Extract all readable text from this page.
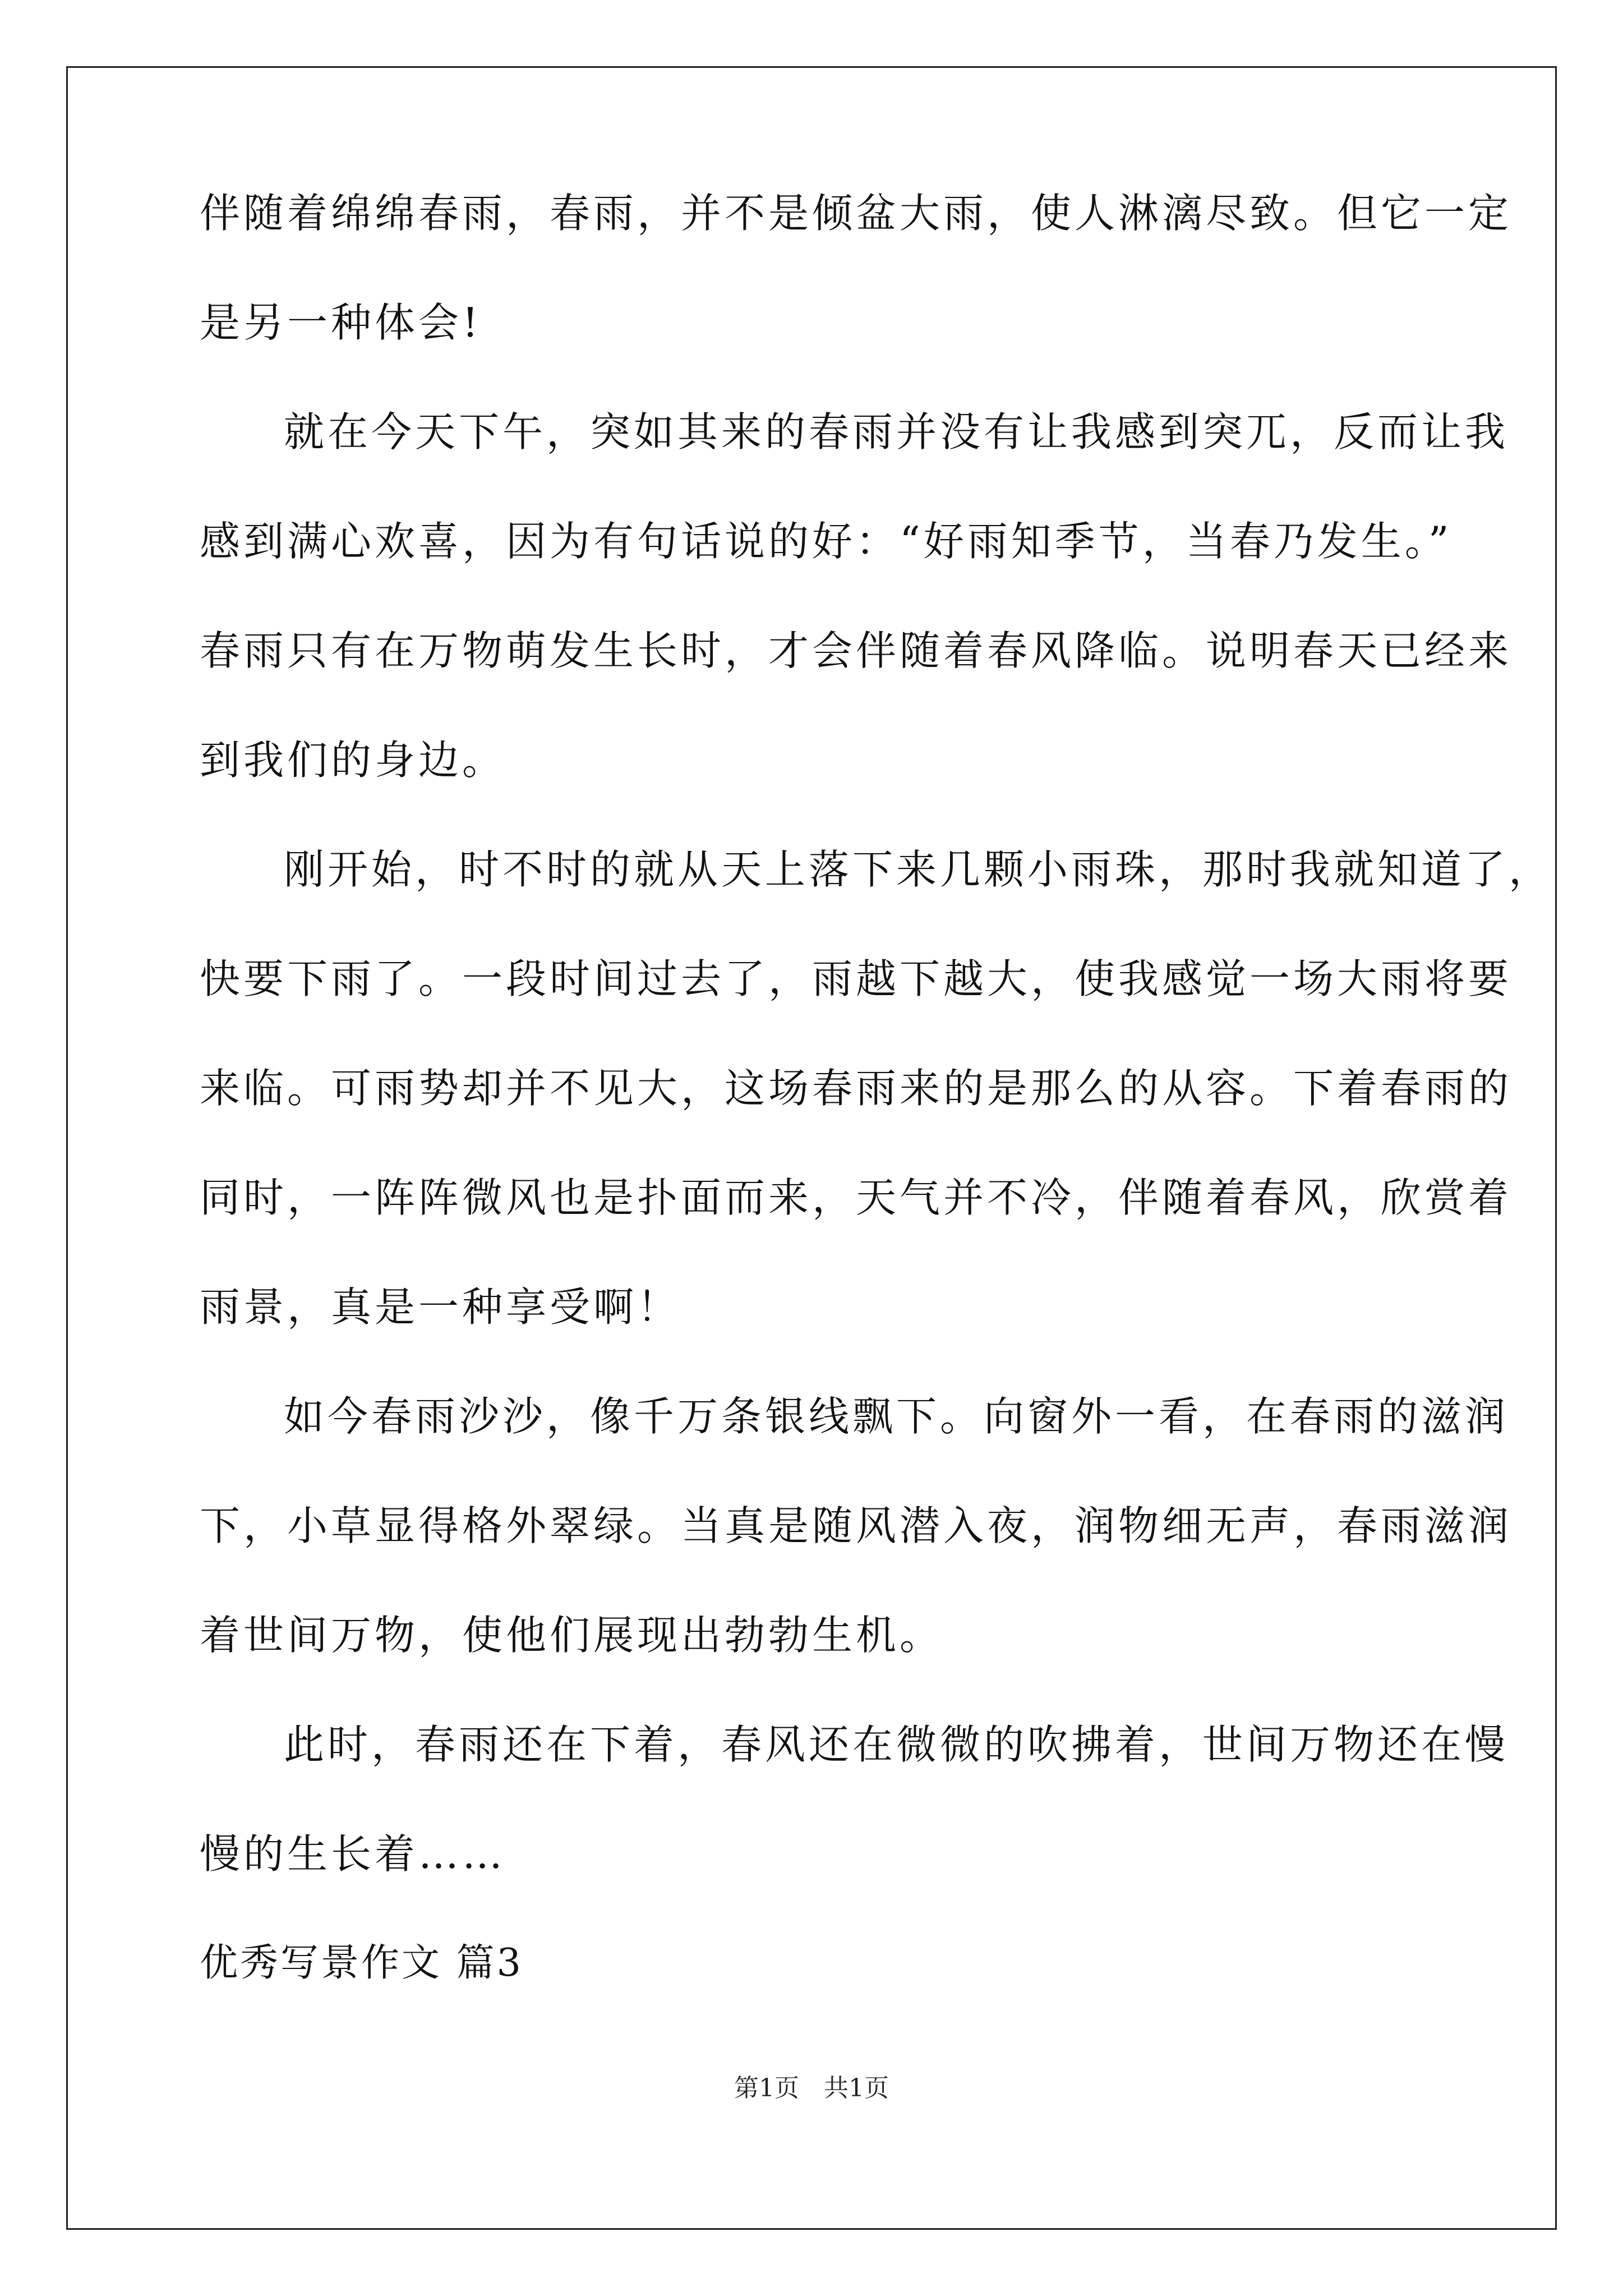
伴随着绵绵春雨，春雨，并不是倾盆大雨，使人淋漓尽致。但它一定
是另一种体会!
就在今天下午，突如其来的春雨并没有让我感到突兀，反而让我
感到满心欢喜，因为有句话说的好：“好雨知季节，当春乃发生。”
春雨只有在万物萌发生长时，才会伴随着春风降临。说明春天已经来
到我们的身边。
刚开始，时不时的就从天上落下来几颗小雨珠，那时我就知道了，
快要下雨了。一段时间过去了，雨越下越大，使我感觉一场大雨将要
来临。可雨势却并不见大，这场春雨来的是那么的从容。下着春雨的
同时，一阵阵微风也是扑面而来，天气并不冷，伴随着春风，欣赏着
雨景，真是一种享受啊！
如今春雨沙沙，像千万条银线飘下。向窗外一看，在春雨的滋润
下，小草显得格外翠绿。当真是随风潜入夜，润物细无声，春雨滋润
着世间万物，使他们展现出勃勃生机。
此时，春雨还在下着，春风还在微微的吹拂着，世间万物还在慢
慢的生长着……
优秀写景作文 篇3
第1页　共1页
